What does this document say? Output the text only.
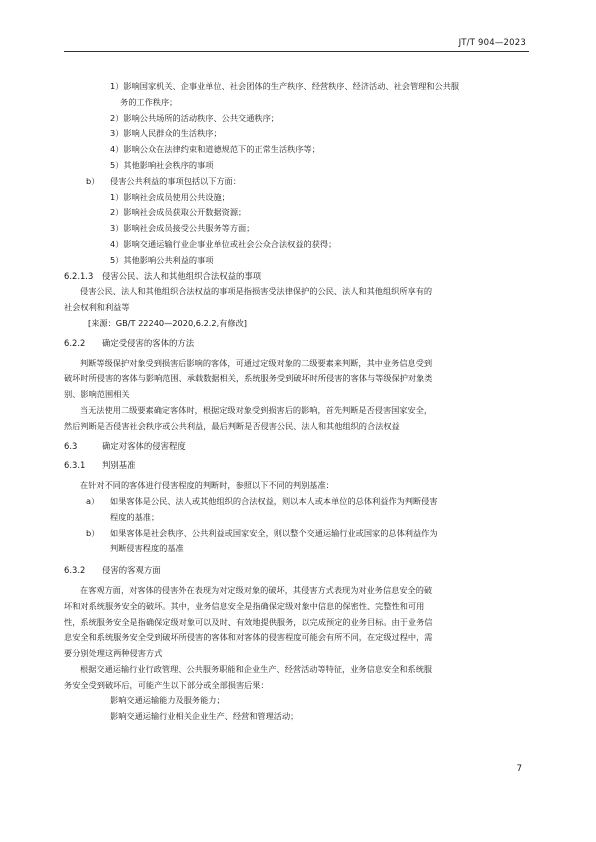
JT/T 904—2023
1）影响国家机关、企事业单位、社会团体的生产秩序、经营秩序、经济活动、社会管理和公共服
务的工作秩序；
2）影响公共场所的活动秩序、公共交通秩序；
3）影响人民群众的生活秩序；
4）影响公众在法律约束和道德规范下的正常生活秩序等；
5）其他影响社会秩序的事项
b） 侵害公共利益的事项包括以下方面：
1）影响社会成员使用公共设施；
2）影响社会成员获取公开数据资源；
3）影响社会成员接受公共服务等方面；
4）影响交通运输行业企事业单位或社会公众合法权益的获得；
5）其他影响公共利益的事项
6.2.1.3 侵害公民、法人和其他组织合法权益的事项
侵害公民、法人和其他组织合法权益的事项是指损害受法律保护的公民、法人和其他组织所享有的
社会权利和利益等
[来源：GB/T 22240—2020,6.2.2,有修改]
6.2.2 确定受侵害的客体的方法
判断等级保护对象受到损害后影响的客体，可通过定级对象的二级要素来判断，其中业务信息受到
破坏时所侵害的客体与影响范围、承载数据相关，系统服务受到破坏时所侵害的客体与等级保护对象类
别、影响范围相关
当无法使用二级要素确定客体时，根据定级对象受到损害后的影响，首先判断是否侵害国家安全，
然后判断是否侵害社会秩序或公共利益，最后判断是否侵害公民、法人和其他组织的合法权益
6.3	确定对客体的侵害程度
6.3.1 判别基准
在针对不同的客体进行侵害程度的判断时，参照以下不同的判别基准：
a） 如果客体是公民、法人或其他组织的合法权益，则以本人或本单位的总体利益作为判断侵害
程度的基准；
b） 如果客体是社会秩序、公共利益或国家安全，则以整个交通运输行业或国家的总体利益作为
判断侵害程度的基准
6.3.2 侵害的客观方面
在客观方面，对客体的侵害外在表现为对定级对象的破坏，其侵害方式表现为对业务信息安全的破
坏和对系统服务安全的破坏。其中，业务信息安全是指确保定级对象中信息的保密性、完整性和可用
性，系统服务安全是指确保定级对象可以及时、有效地提供服务，以完成预定的业务目标。由于业务信
息安全和系统服务安全受到破坏所侵害的客体和对客体的侵害程度可能会有所不同，在定级过程中，需
要分别处理这两种侵害方式
根据交通运输行业行政管理、公共服务职能和企业生产、经营活动等特征，业务信息安全和系统服
务安全受到破坏后，可能产生以下部分或全部损害后果：
影响交通运输能力及服务能力；
影响交通运输行业相关企业生产、经营和管理活动；
7
